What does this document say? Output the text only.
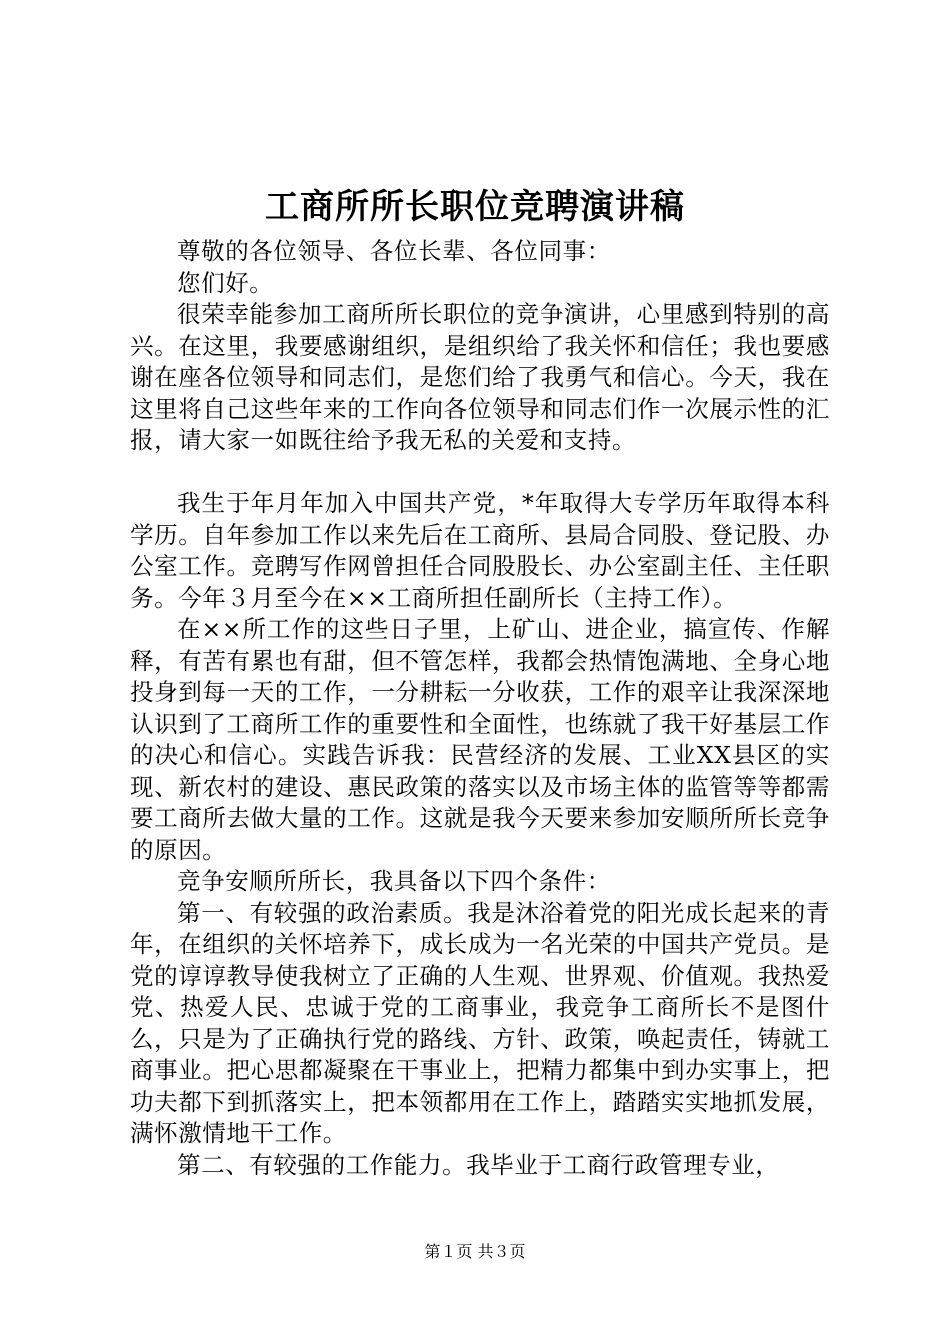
工商所所长职位竞聘演讲稿

尊敬的各位领导、各位长辈、各位同事：

您们好。

很荣幸能参加工商所所长职位的竞争演讲，心里感到特别的高兴。在这里，我要感谢组织，是组织给了我关怀和信任；我也要感谢在座各位领导和同志们，是您们给了我勇气和信心。今天，我在这里将自己这些年来的工作向各位领导和同志们作一次展示性的汇报，请大家一如既往给予我无私的关爱和支持。

我生于年月年加入中国共产党，*年取得大专学历年取得本科学历。自年参加工作以来先后在工商所、县局合同股、登记股、办公室工作。竞聘写作网曾担任合同股股长、办公室副主任、主任职务。今年３月至今在××工商所担任副所长（主持工作）。

在××所工作的这些日子里，上矿山、进企业，搞宣传、作解释，有苦有累也有甜，但不管怎样，我都会热情饱满地、全身心地投身到每一天的工作，一分耕耘一分收获，工作的艰辛让我深深地认识到了工商所工作的重要性和全面性，也练就了我干好基层工作的决心和信心。实践告诉我：民营经济的发展、工业XX县区的实现、新农村的建设、惠民政策的落实以及市场主体的监管等等都需要工商所去做大量的工作。这就是我今天要来参加安顺所所长竞争的原因。

竞争安顺所所长，我具备以下四个条件：

第一、有较强的政治素质。我是沐浴着党的阳光成长起来的青年，在组织的关怀培养下，成长成为一名光荣的中国共产党员。是党的谆谆教导使我树立了正确的人生观、世界观、价值观。我热爱党、热爱人民、忠诚于党的工商事业，我竞争工商所长不是图什么，只是为了正确执行党的路线、方针、政策，唤起责任，铸就工商事业。把心思都凝聚在干事业上，把精力都集中到办实事上，把功夫都下到抓落实上，把本领都用在工作上，踏踏实实地抓发展，满怀激情地干工作。

第二、有较强的工作能力。我毕业于工商行政管理专业，

第１页 共３页
